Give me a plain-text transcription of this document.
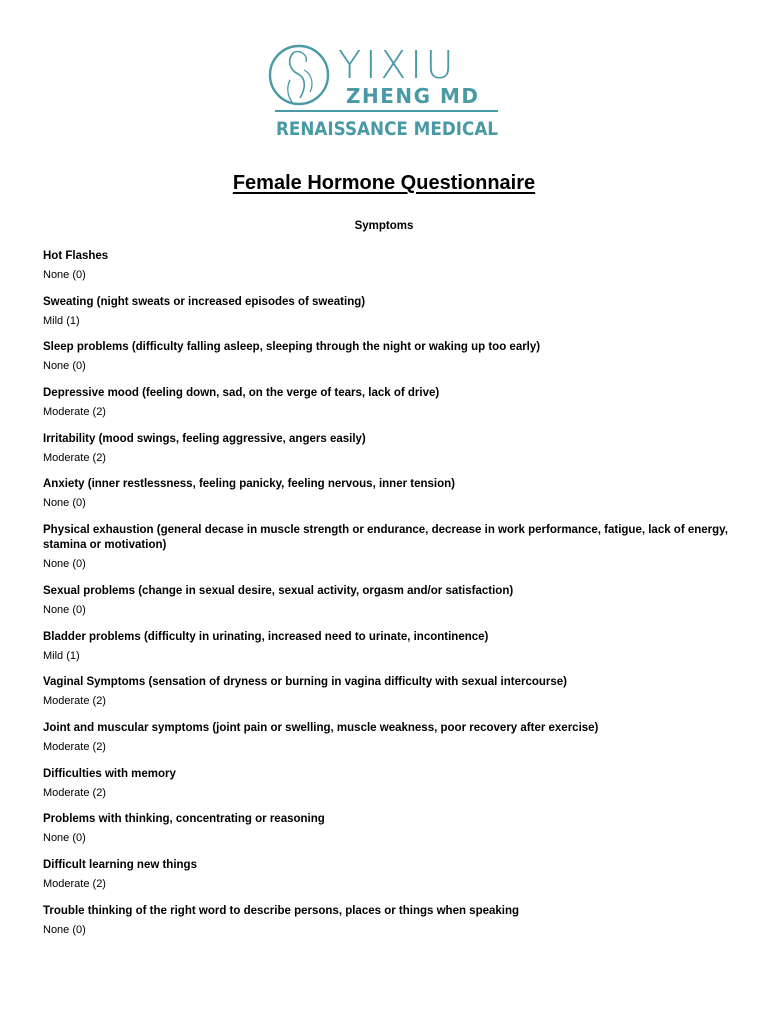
YIXIU
ZHENG MD
RENAISSANCE MEDICAL
Female Hormone Questionnaire
Symptoms
Hot Flashes
None (0)
Sweating (night sweats or increased episodes of sweating)
Mild (1)
Sleep problems (difficulty falling asleep, sleeping through the night or waking up too early)
None (0)
Depressive mood (feeling down, sad, on the verge of tears, lack of drive)
Moderate (2)
Irritability (mood swings, feeling aggressive, angers easily)
Moderate (2)
Anxiety (inner restlessness, feeling panicky, feeling nervous, inner tension)
None (0)
Physical exhaustion (general decase in muscle strength or endurance, decrease in work performance, fatigue, lack of energy, stamina or motivation)
None (0)
Sexual problems (change in sexual desire, sexual activity, orgasm and/or satisfaction)
None (0)
Bladder problems (difficulty in urinating, increased need to urinate, incontinence)
Mild (1)
Vaginal Symptoms (sensation of dryness or burning in vagina difficulty with sexual intercourse)
Moderate (2)
Joint and muscular symptoms (joint pain or swelling, muscle weakness, poor recovery after exercise)
Moderate (2)
Difficulties with memory
Moderate (2)
Problems with thinking, concentrating or reasoning
None (0)
Difficult learning new things
Moderate (2)
Trouble thinking of the right word to describe persons, places or things when speaking
None (0)
